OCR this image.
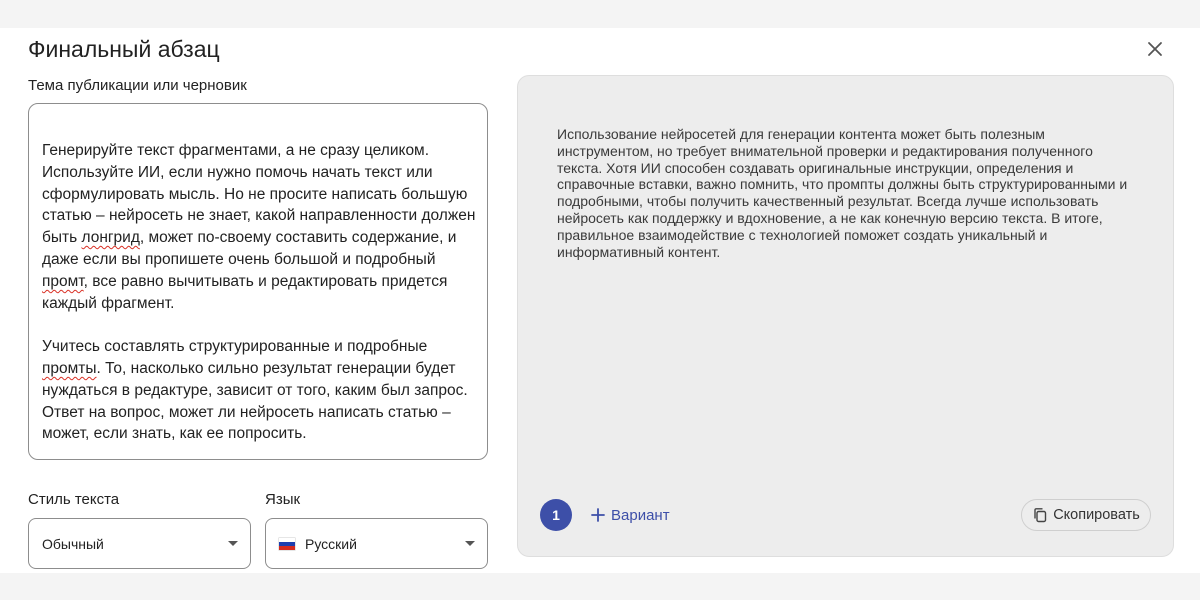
Финальный абзац
Тема публикации или черновик

Генерируйте текст фрагментами, а не сразу целиком. Используйте ИИ, если нужно помочь начать текст или сформулировать мысль. Но не просите написать большую статью – нейросеть не знает, какой направленности должен быть лонгрид, может по-своему составить содержание, и даже если вы пропишете очень большой и подробный промт, все равно вычитывать и редактировать придется каждый фрагмент.

Учитесь составлять структурированные и подробные промты. То, насколько сильно результат генерации будет нуждаться в редактуре, зависит от того, каким был запрос. Ответ на вопрос, может ли нейросеть написать статью – может, если знать, как ее попросить.

Стиль текста
Обычный
Язык
Русский
Использование нейросетей для генерации контента может быть полезным инструментом, но требует внимательной проверки и редактирования полученного текста. Хотя ИИ способен создавать оригинальные инструкции, определения и справочные вставки, важно помнить, что промпты должны быть структурированными и подробными, чтобы получить качественный результат. Всегда лучше использовать нейросеть как поддержку и вдохновение, а не как конечную версию текста. В итоге, правильное взаимодействие с технологией поможет создать уникальный и информативный контент.
1	Вариант	Скопировать
